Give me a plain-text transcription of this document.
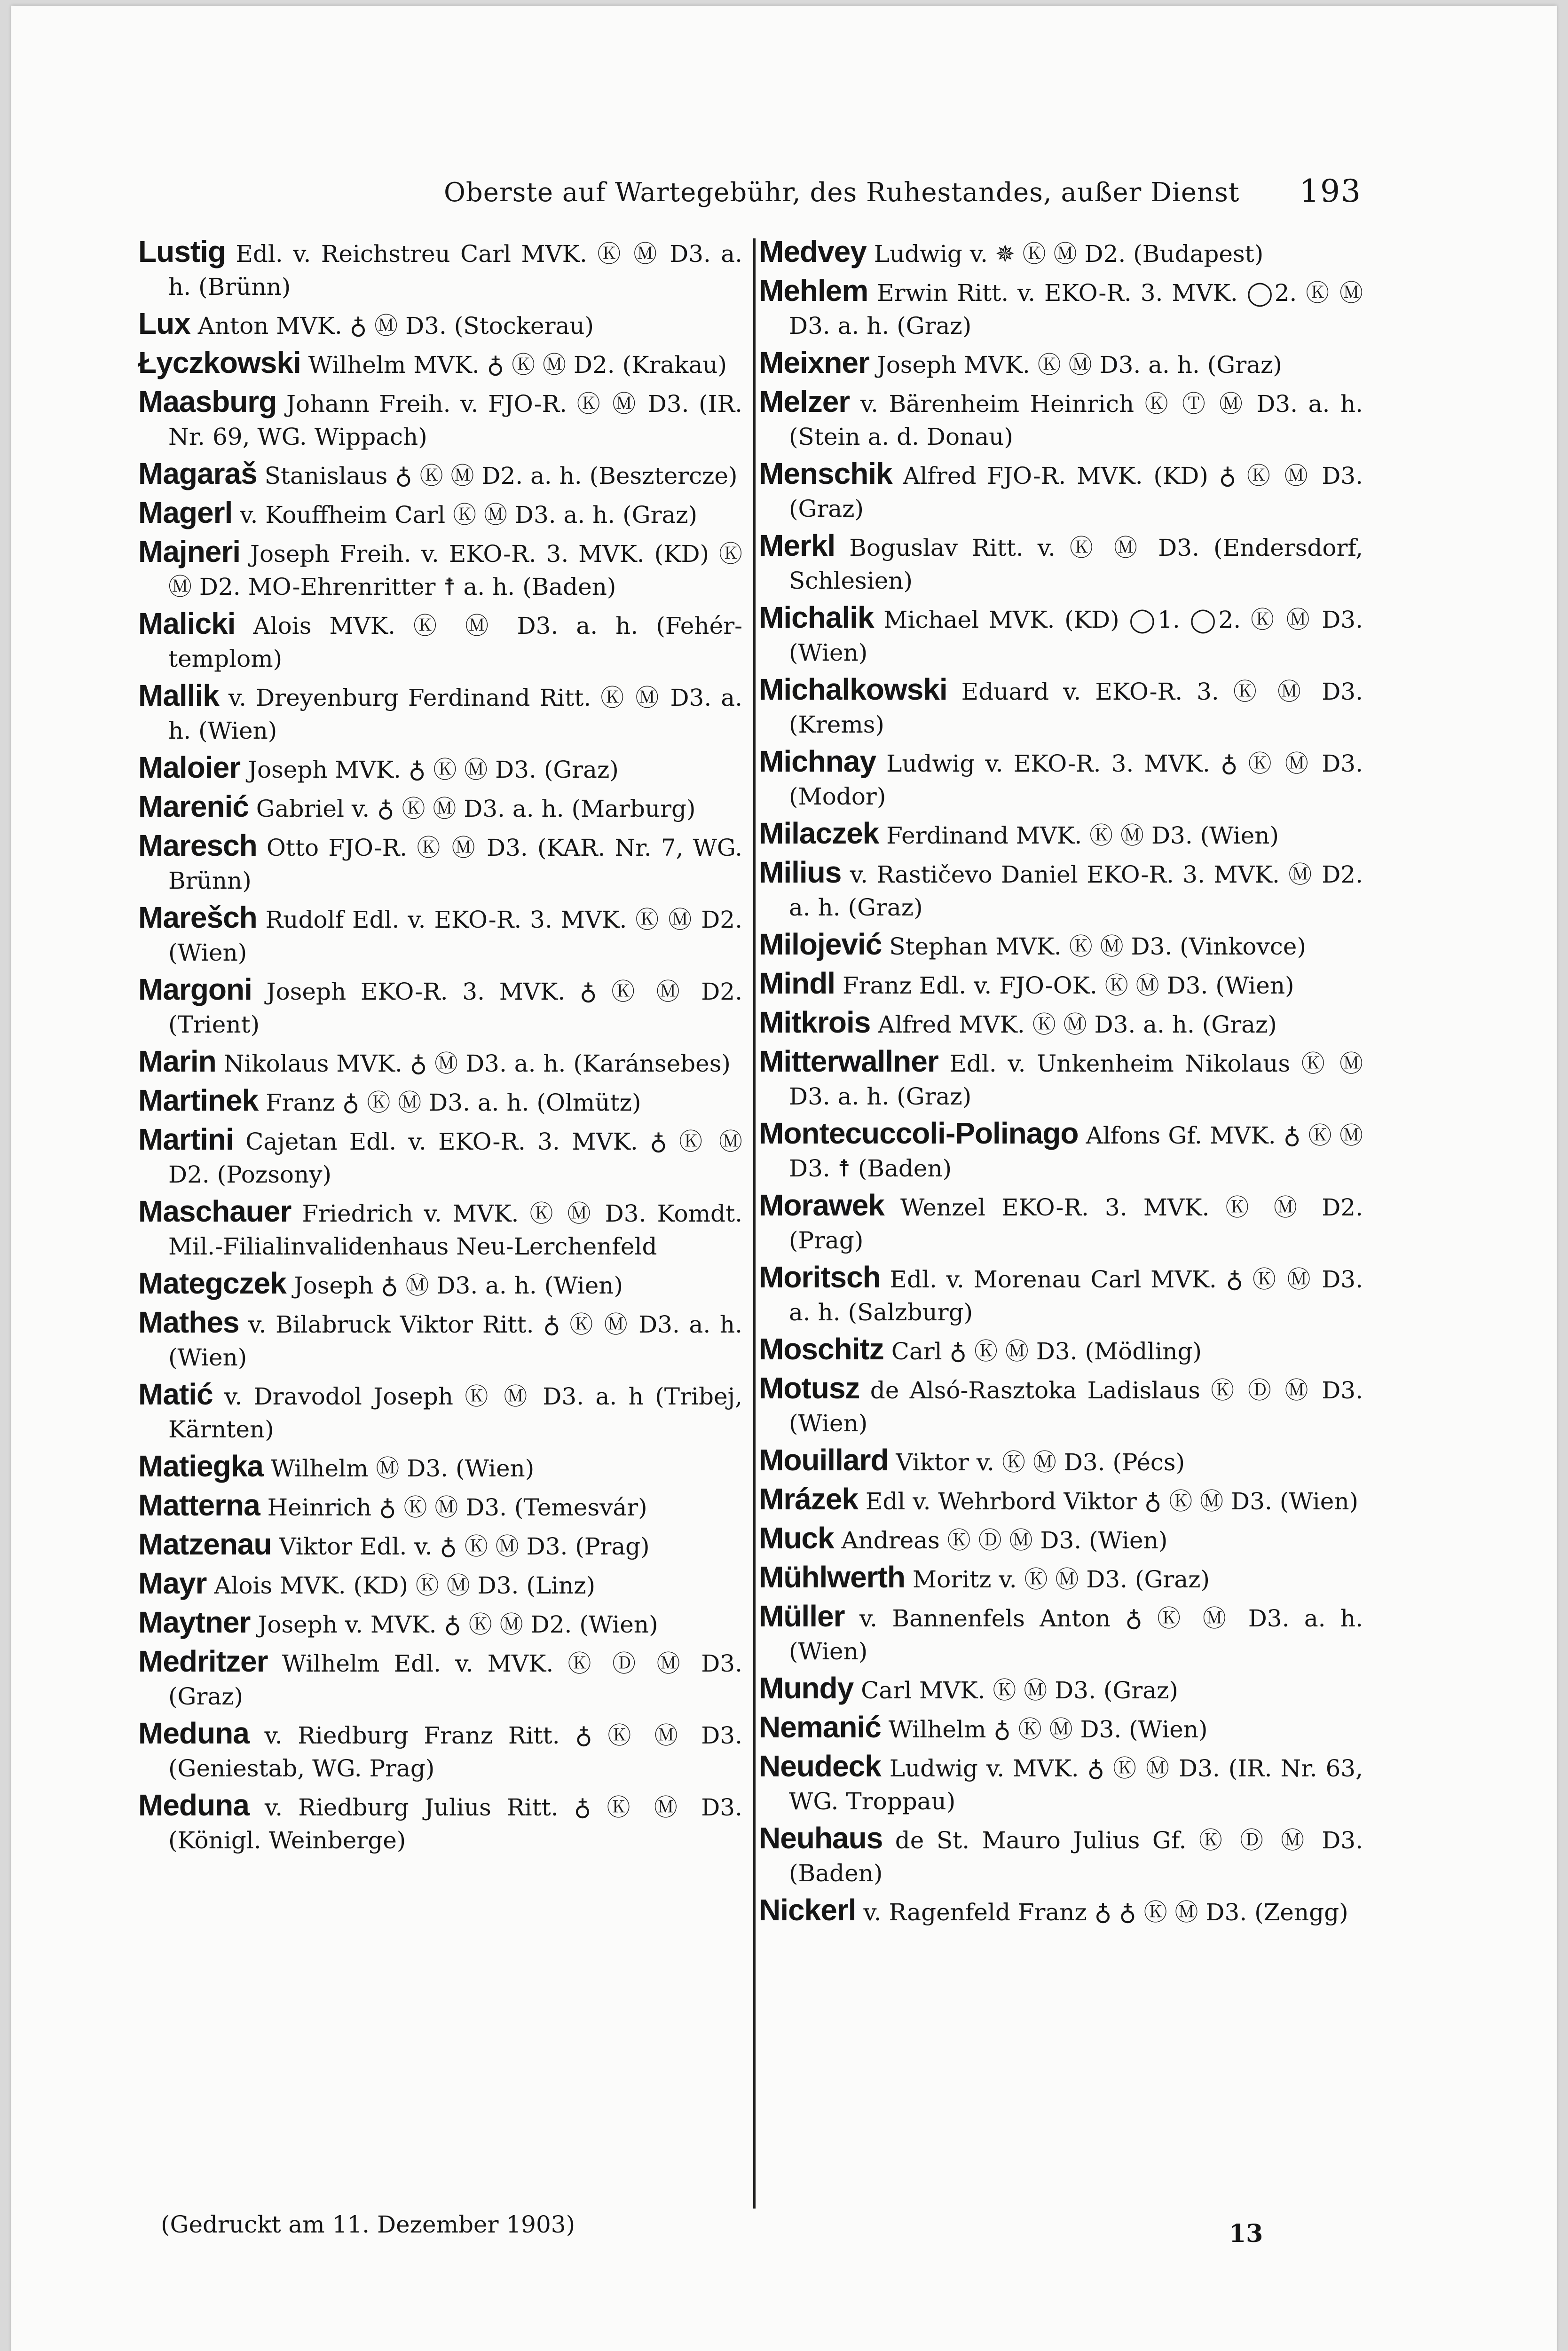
Oberste auf Wartegebühr, des Ruhestandes, außer Dienst 193
Lustig Edl. v. Reichstreu Carl MVK. Ⓚ Ⓜ D3. a. h. (Brünn)
Lux Anton MVK. ♁ Ⓜ D3. (Stockerau)
Łyczkowski Wilhelm MVK. ♁ Ⓚ Ⓜ D2. (Krakau)
Maasburg Johann Freih. v. FJO-R. Ⓚ Ⓜ D3. (IR. Nr. 69, WG. Wippach)
Magaraš Stanislaus ♁ Ⓚ Ⓜ D2. a. h. (Besztercze)
Magerl v. Kouffheim Carl Ⓚ Ⓜ D3. a. h. (Graz)
Majneri Joseph Freih. v. EKO-R. 3. MVK. (KD) Ⓚ Ⓜ D2. MO-Ehrenritter ☨ a. h. (Baden)
Malicki Alois MVK. Ⓚ Ⓜ D3. a. h. (Fehértemplom)
Mallik v. Dreyenburg Ferdinand Ritt. Ⓚ Ⓜ D3. a. h. (Wien)
Maloier Joseph MVK. ♁ Ⓚ Ⓜ D3. (Graz)
Marenić Gabriel v. ♁ Ⓚ Ⓜ D3. a. h. (Marburg)
Maresch Otto FJO-R. Ⓚ Ⓜ D3. (KAR. Nr. 7, WG. Brünn)
Marešch Rudolf Edl. v. EKO-R. 3. MVK. Ⓚ Ⓜ D2. (Wien)
Margoni Joseph EKO-R. 3. MVK. ♁ Ⓚ Ⓜ D2. (Trient)
Marin Nikolaus MVK. ♁ Ⓜ D3. a. h. (Karánsebes)
Martinek Franz ♁ Ⓚ Ⓜ D3. a. h. (Olmütz)
Martini Cajetan Edl. v. EKO-R. 3. MVK. ♁ Ⓚ Ⓜ D2. (Pozsony)
Maschauer Friedrich v. MVK. Ⓚ Ⓜ D3. Komdt. Mil.-Filialinvalidenhaus Neu-Lerchenfeld
Mategczek Joseph ♁ Ⓜ D3. a. h. (Wien)
Mathes v. Bilabruck Viktor Ritt. ♁ Ⓚ Ⓜ D3. a. h. (Wien)
Matić v. Dravodol Joseph Ⓚ Ⓜ D3. a. h (Tribej, Kärnten)
Matiegka Wilhelm Ⓜ D3. (Wien)
Matterna Heinrich ♁ Ⓚ Ⓜ D3. (Temesvár)
Matzenau Viktor Edl. v. ♁ Ⓚ Ⓜ D3. (Prag)
Mayr Alois MVK. (KD) Ⓚ Ⓜ D3. (Linz)
Maytner Joseph v. MVK. ♁ Ⓚ Ⓜ D2. (Wien)
Medritzer Wilhelm Edl. v. MVK. Ⓚ Ⓓ Ⓜ D3. (Graz)
Meduna v. Riedburg Franz Ritt. ♁ Ⓚ Ⓜ D3. (Geniestab, WG. Prag)
Meduna v. Riedburg Julius Ritt. ♁ Ⓚ Ⓜ D3. (Königl. Weinberge)
Medvey Ludwig v. ✵ Ⓚ Ⓜ D2. (Budapest)
Mehlem Erwin Ritt. v. EKO-R. 3. MVK. ◯2. Ⓚ Ⓜ D3. a. h. (Graz)
Meixner Joseph MVK. Ⓚ Ⓜ D3. a. h. (Graz)
Melzer v. Bärenheim Heinrich Ⓚ Ⓣ Ⓜ D3. a. h. (Stein a. d. Donau)
Menschik Alfred FJO-R. MVK. (KD) ♁ Ⓚ Ⓜ D3. (Graz)
Merkl Boguslav Ritt. v. Ⓚ Ⓜ D3. (Endersdorf, Schlesien)
Michalik Michael MVK. (KD) ◯1. ◯2. Ⓚ Ⓜ D3. (Wien)
Michalkowski Eduard v. EKO-R. 3. Ⓚ Ⓜ D3. (Krems)
Michnay Ludwig v. EKO-R. 3. MVK. ♁ Ⓚ Ⓜ D3. (Modor)
Milaczek Ferdinand MVK. Ⓚ Ⓜ D3. (Wien)
Milius v. Rastičevo Daniel EKO-R. 3. MVK. Ⓜ D2. a. h. (Graz)
Milojević Stephan MVK. Ⓚ Ⓜ D3. (Vinkovce)
Mindl Franz Edl. v. FJO-OK. Ⓚ Ⓜ D3. (Wien)
Mitkrois Alfred MVK. Ⓚ Ⓜ D3. a. h. (Graz)
Mitterwallner Edl. v. Unkenheim Nikolaus Ⓚ Ⓜ D3. a. h. (Graz)
Montecuccoli-Polinago Alfons Gf. MVK. ♁ Ⓚ Ⓜ D3. ☨ (Baden)
Morawek Wenzel EKO-R. 3. MVK. Ⓚ Ⓜ D2. (Prag)
Moritsch Edl. v. Morenau Carl MVK. ♁ Ⓚ Ⓜ D3. a. h. (Salzburg)
Moschitz Carl ♁ Ⓚ Ⓜ D3. (Mödling)
Motusz de Alsó-Rasztoka Ladislaus Ⓚ Ⓓ Ⓜ D3. (Wien)
Mouillard Viktor v. Ⓚ Ⓜ D3. (Pécs)
Mrázek Edl v. Wehrbord Viktor ♁ Ⓚ Ⓜ D3. (Wien)
Muck Andreas Ⓚ Ⓓ Ⓜ D3. (Wien)
Mühlwerth Moritz v. Ⓚ Ⓜ D3. (Graz)
Müller v. Bannenfels Anton ♁ Ⓚ Ⓜ D3. a. h. (Wien)
Mundy Carl MVK. Ⓚ Ⓜ D3. (Graz)
Nemanić Wilhelm ♁ Ⓚ Ⓜ D3. (Wien)
Neudeck Ludwig v. MVK. ♁ Ⓚ Ⓜ D3. (IR. Nr. 63, WG. Troppau)
Neuhaus de St. Mauro Julius Gf. Ⓚ Ⓓ Ⓜ D3. (Baden)
Nickerl v. Ragenfeld Franz ♁ ♁ Ⓚ Ⓜ D3. (Zengg)
(Gedruckt am 11. Dezember 1903)	13
